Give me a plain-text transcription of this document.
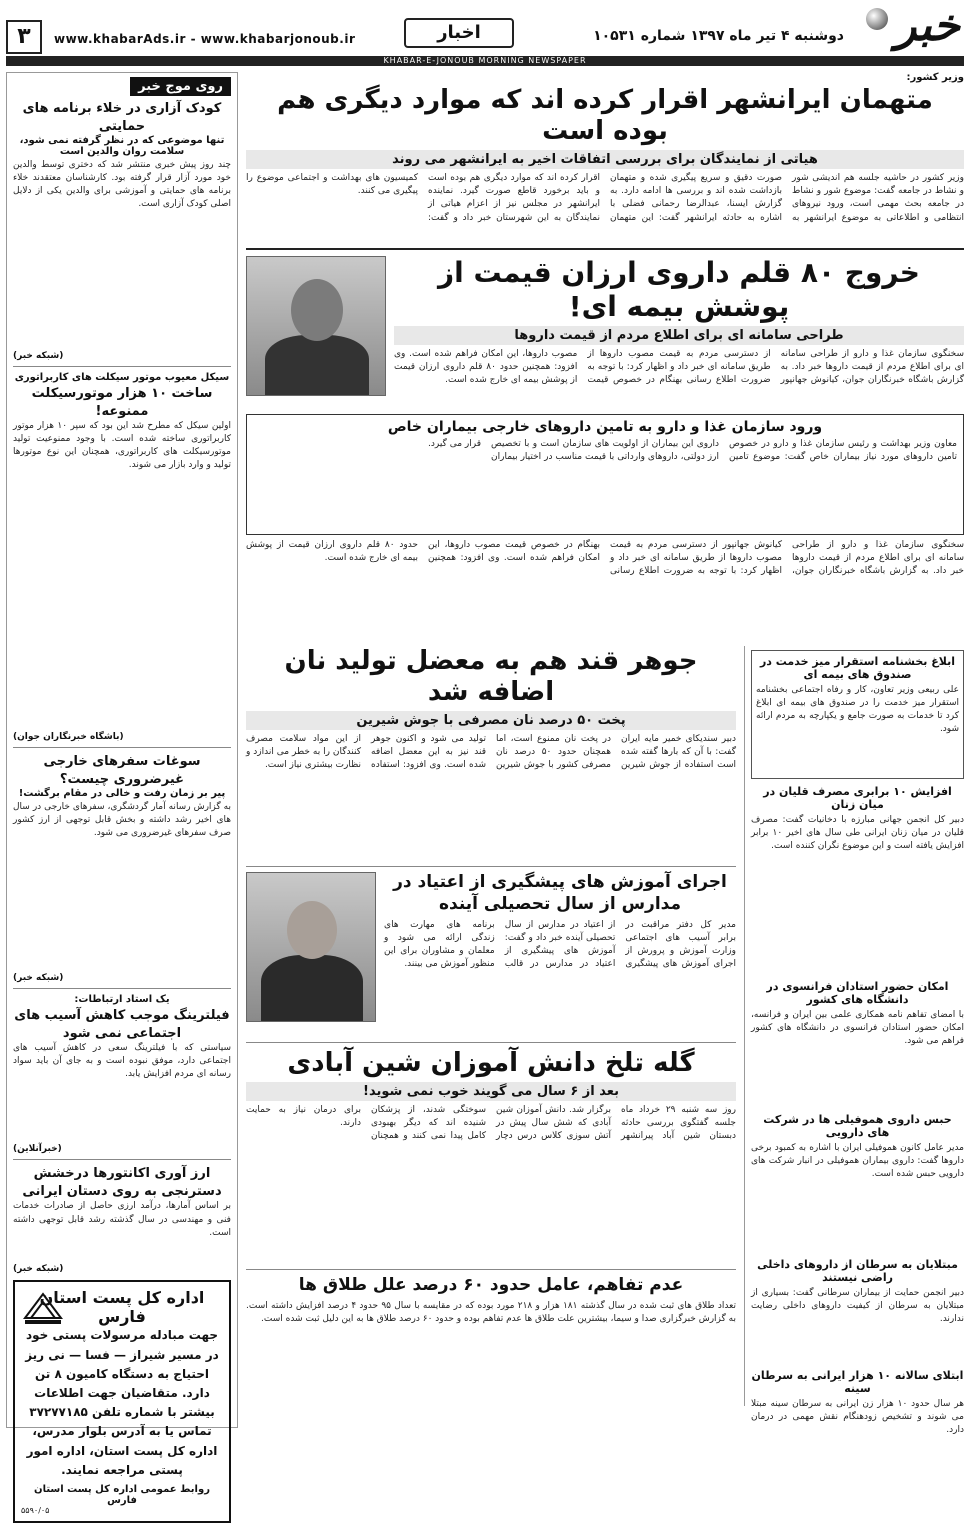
خبر
دوشنبه ۴ تیر ماه ۱۳۹۷ شماره ۱۰۵۳۱
اخبار
www.khabarAds.ir - www.khabarjonoub.ir
۳
KHABAR-E-JONOUB MORNING NEWSPAPER
روی موج خبر
کودک آزاری در خلاء برنامه های حمایتی
تنها موضوعی که در نظر گرفته نمی شود، سلامت روان والدین است
چند روز پیش خبری منتشر شد که دختری توسط والدین خود مورد آزار قرار گرفته بود. کارشناسان معتقدند خلاء برنامه های حمایتی و آموزشی برای والدین یکی از دلایل اصلی کودک آزاری است.
(شبکه خبر)
سیکل معیوب موتور سیکلت های کاربراتوری
ساخت ۱۰ هزار موتورسیکلت ممنوعه!
اولین سیکل که مطرح شد این بود که سپر ۱۰ هزار موتور کاربراتوری ساخته شده است. با وجود ممنوعیت تولید موتورسیکلت های کاربراتوری، همچنان این نوع موتورها تولید و وارد بازار می شوند.
(باشگاه خبرنگاران جوان)
سوغات سفرهای خارجی غیرضروری چیست؟
پیر بر زمان رفت و خالی در مقام برگشت!
به گزارش رسانه آمار گردشگری، سفرهای خارجی در سال های اخیر رشد داشته و بخش قابل توجهی از ارز کشور صرف سفرهای غیرضروری می شود.
(شبکه خبر)
یک استاد ارتباطات:
فیلترینگ موجب کاهش آسیب های اجتماعی نمی شود
سیاستی که با فیلترینگ سعی در کاهش آسیب های اجتماعی دارد، موفق نبوده است و به جای آن باید سواد رسانه ای مردم افزایش یابد.
(خبرآنلاین)
ارز آوری اکانتورها درخشش دسترنجی به روی دستان ایرانی
بر اساس آمارها، درآمد ارزی حاصل از صادرات خدمات فنی و مهندسی در سال گذشته رشد قابل توجهی داشته است.
(شبکه خبر)
اداره کل پست استان فارس
جهت مبادله مرسولات پستی خود در مسیر شیراز — فسا — نی ریز احتیاج به دستگاه کامیون ۸ تن دارد. متقاضیان جهت اطلاعات بیشتر با شماره تلفن ۳۷۲۷۷۱۸۵ تماس یا به آدرس بلوار مدرس، اداره کل پست استان، اداره امور پستی مراجعه نمایند.
روابط عمومی اداره کل پست استان فارس
۵۵۹۰/۰۵
وزیر کشور:
متهمان ایرانشهر اقرار کرده اند که موارد دیگری هم بوده است
هیاتی از نمایندگان برای بررسی اتفاقات اخیر به ایرانشهر می روند
وزیر کشور در حاشیه جلسه هم اندیشی شور و نشاط در جامعه گفت: موضوع شور و نشاط در جامعه بحث مهمی است، ورود نیروهای انتظامی و اطلاعاتی به موضوع ایرانشهر به صورت دقیق و سریع پیگیری شده و متهمان بازداشت شده اند و بررسی ها ادامه دارد. به گزارش ایسنا، عبدالرضا رحمانی فضلی با اشاره به حادثه ایرانشهر گفت: این متهمان اقرار کرده اند که موارد دیگری هم بوده است و باید برخورد قاطع صورت گیرد. نماینده ایرانشهر در مجلس نیز از اعزام هیاتی از نمایندگان به این شهرستان خبر داد و گفت: کمیسیون های بهداشت و اجتماعی موضوع را پیگیری می کنند.
خروج ۸۰ قلم داروی ارزان قیمت از پوشش بیمه ای!
طراحی سامانه ای برای اطلاع مردم از قیمت داروها
سخنگوی سازمان غذا و دارو از طراحی سامانه ای برای اطلاع مردم از قیمت داروها خبر داد. به گزارش باشگاه خبرنگاران جوان، کیانوش جهانپور از دسترسی مردم به قیمت مصوب داروها از طریق سامانه ای خبر داد و اظهار کرد: با توجه به ضرورت اطلاع رسانی بهنگام در خصوص قیمت مصوب داروها، این امکان فراهم شده است. وی افزود: همچنین حدود ۸۰ قلم داروی ارزان قیمت از پوشش بیمه ای خارج شده است.
ورود سازمان غذا و دارو به تامین داروهای خارجی بیماران خاص
معاون وزیر بهداشت و رئیس سازمان غذا و دارو در خصوص تامین داروهای مورد نیاز بیماران خاص گفت: موضوع تامین داروی این بیماران از اولویت های سازمان است و با تخصیص ارز دولتی، داروهای وارداتی با قیمت مناسب در اختیار بیماران قرار می گیرد.
سخنگوی سازمان غذا و دارو از طراحی سامانه ای برای اطلاع مردم از قیمت داروها خبر داد. به گزارش باشگاه خبرنگاران جوان، کیانوش جهانپور از دسترسی مردم به قیمت مصوب داروها از طریق سامانه ای خبر داد و اظهار کرد: با توجه به ضرورت اطلاع رسانی بهنگام در خصوص قیمت مصوب داروها، این امکان فراهم شده است. وی افزود: همچنین حدود ۸۰ قلم داروی ارزان قیمت از پوشش بیمه ای خارج شده است.
ابلاغ بخشنامه استقرار میز خدمت در صندوق های بیمه ای
علی ربیعی وزیر تعاون، کار و رفاه اجتماعی بخشنامه استقرار میز خدمت را در صندوق های بیمه ای ابلاغ کرد تا خدمات به صورت جامع و یکپارچه به مردم ارائه شود.
افزایش ۱۰ برابری مصرف قلیان در میان زنان
دبیر کل انجمن جهانی مبارزه با دخانیات گفت: مصرف قلیان در میان زنان ایرانی طی سال های اخیر ۱۰ برابر افزایش یافته است و این موضوع نگران کننده است.
امکان حضور استادان فرانسوی در دانشگاه های کشور
با امضای تفاهم نامه همکاری علمی بین ایران و فرانسه، امکان حضور استادان فرانسوی در دانشگاه های کشور فراهم می شود.
حبس داروی هموفیلی ها در شرکت های دارویی
مدیر عامل کانون هموفیلی ایران با اشاره به کمبود برخی داروها گفت: داروی بیماران هموفیلی در انبار شرکت های دارویی حبس شده است.
مبتلایان به سرطان از داروهای داخلی راضی نیستند
دبیر انجمن حمایت از بیماران سرطانی گفت: بسیاری از مبتلایان به سرطان از کیفیت داروهای داخلی رضایت ندارند.
ابتلای سالانه ۱۰ هزار ایرانی به سرطان سینه
هر سال حدود ۱۰ هزار زن ایرانی به سرطان سینه مبتلا می شوند و تشخیص زودهنگام نقش مهمی در درمان دارد.
جوهر قند هم به معضل تولید نان اضافه شد
پخت ۵۰ درصد نان مصرفی با جوش شیرین
دبیر سندیکای خمیر مایه ایران گفت: با آن که بارها گفته شده است استفاده از جوش شیرین در پخت نان ممنوع است، اما همچنان حدود ۵۰ درصد نان مصرفی کشور با جوش شیرین تولید می شود و اکنون جوهر قند نیز به این معضل اضافه شده است. وی افزود: استفاده از این مواد سلامت مصرف کنندگان را به خطر می اندازد و نظارت بیشتری نیاز است.
اجرای آموزش های پیشگیری از اعتیاد در مدارس از سال تحصیلی آینده
مدیر کل دفتر مراقبت در برابر آسیب های اجتماعی وزارت آموزش و پرورش از اجرای آموزش های پیشگیری از اعتیاد در مدارس از سال تحصیلی آینده خبر داد و گفت: آموزش های پیشگیری از اعتیاد در مدارس در قالب برنامه های مهارت های زندگی ارائه می شود و معلمان و مشاوران برای این منظور آموزش می بینند.
گله تلخ دانش آموزان شین آبادی
بعد از ۶ سال می گویند خوب نمی شوید!
روز سه شنبه ۲۹ خرداد ماه جلسه گفتگوی بررسی حادثه دبستان شین آباد پیرانشهر برگزار شد. دانش آموزان شین آبادی که شش سال پیش در آتش سوزی کلاس درس دچار سوختگی شدند، از پزشکان شنیده اند که دیگر بهبودی کامل پیدا نمی کنند و همچنان برای درمان نیاز به حمایت دارند.
عدم تفاهم، عامل حدود ۶۰ درصد علل طلاق ها
تعداد طلاق های ثبت شده در سال گذشته ۱۸۱ هزار و ۲۱۸ مورد بوده که در مقایسه با سال ۹۵ حدود ۴ درصد افزایش داشته است. به گزارش خبرگزاری صدا و سیما، بیشترین علت طلاق ها عدم تفاهم بوده و حدود ۶۰ درصد طلاق ها به این دلیل ثبت شده است.
